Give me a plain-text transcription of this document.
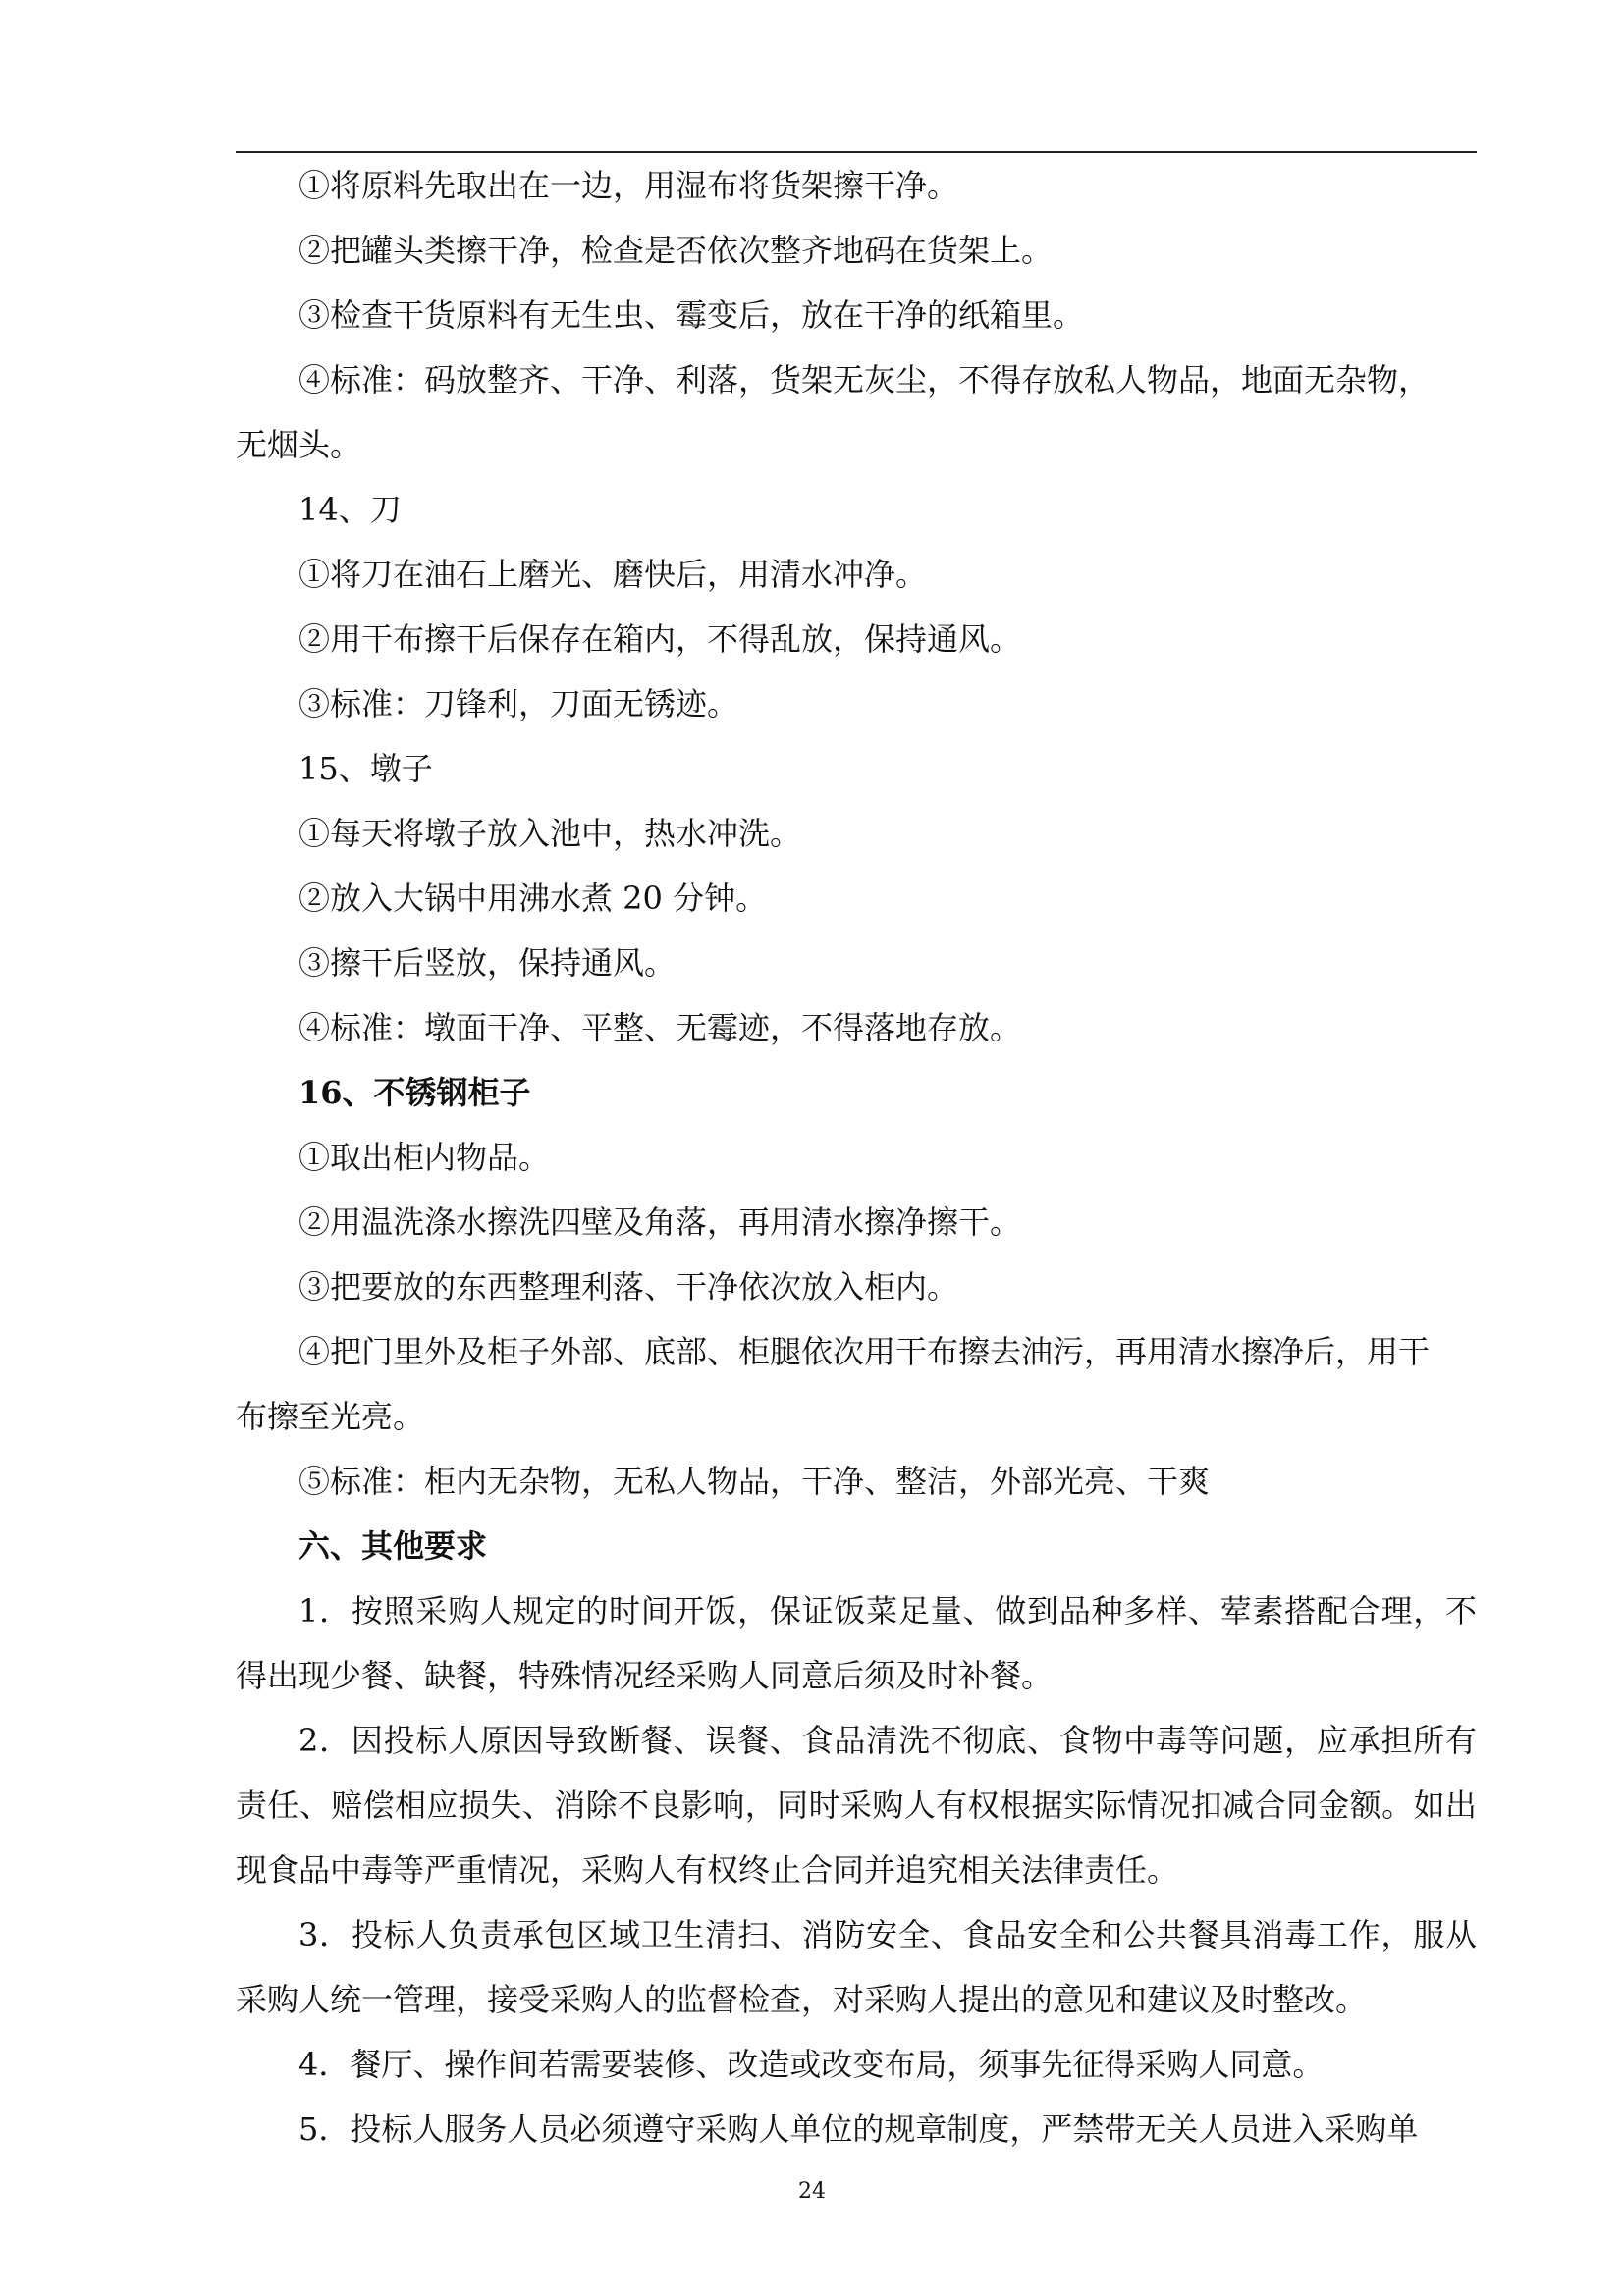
①将原料先取出在一边，用湿布将货架擦干净。
②把罐头类擦干净，检查是否依次整齐地码在货架上。
③检查干货原料有无生虫、霉变后，放在干净的纸箱里。
④标准：码放整齐、干净、利落，货架无灰尘，不得存放私人物品，地面无杂物，
无烟头。
14、刀
①将刀在油石上磨光、磨快后，用清水冲净。
②用干布擦干后保存在箱内，不得乱放，保持通风。
③标准：刀锋利，刀面无锈迹。
15、墩子
①每天将墩子放入池中，热水冲洗。
②放入大锅中用沸水煮 20 分钟。
③擦干后竖放，保持通风。
④标准：墩面干净、平整、无霉迹，不得落地存放。
16、不锈钢柜子
①取出柜内物品。
②用温洗涤水擦洗四壁及角落，再用清水擦净擦干。
③把要放的东西整理利落、干净依次放入柜内。
④把门里外及柜子外部、底部、柜腿依次用干布擦去油污，再用清水擦净后，用干
布擦至光亮。
⑤标准：柜内无杂物，无私人物品，干净、整洁，外部光亮、干爽
六、其他要求
1．按照采购人规定的时间开饭，保证饭菜足量、做到品种多样、荤素搭配合理，不得出现少餐、缺餐，特殊情况经采购人同意后须及时补餐。
2．因投标人原因导致断餐、误餐、食品清洗不彻底、食物中毒等问题，应承担所有责任、赔偿相应损失、消除不良影响，同时采购人有权根据实际情况扣减合同金额。如出现食品中毒等严重情况，采购人有权终止合同并追究相关法律责任。
3．投标人负责承包区域卫生清扫、消防安全、食品安全和公共餐具消毒工作，服从采购人统一管理，接受采购人的监督检查，对采购人提出的意见和建议及时整改。
4．餐厅、操作间若需要装修、改造或改变布局，须事先征得采购人同意。
5．投标人服务人员必须遵守采购人单位的规章制度，严禁带无关人员进入采购单
24
